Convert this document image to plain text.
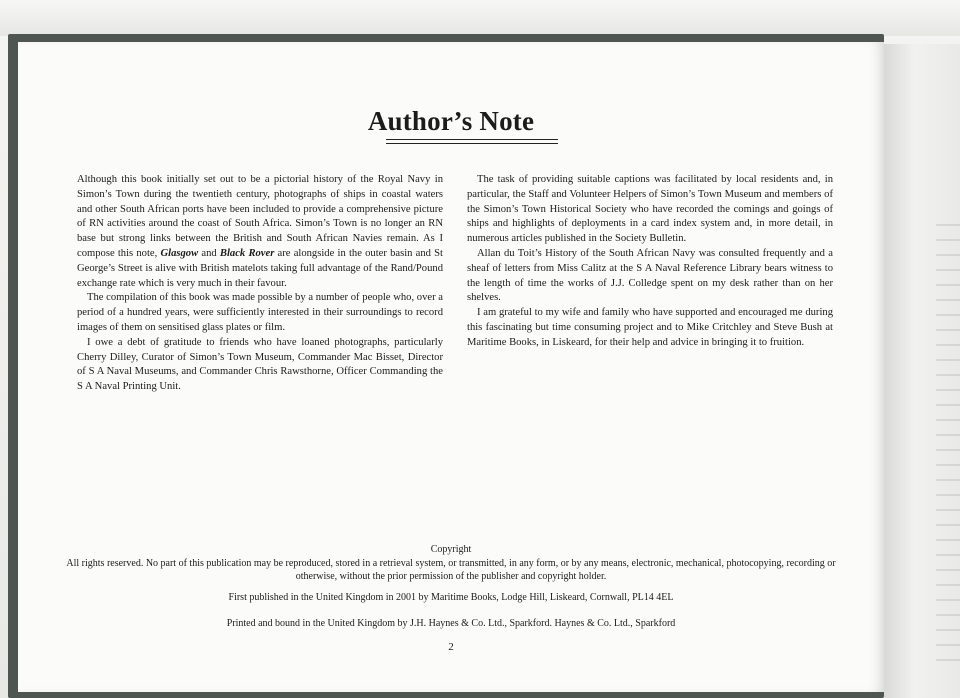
Author’s Note

Although this book initially set out to be a pictorial history of the Royal Navy in Simon’s Town during the twentieth century, photographs of ships in coastal waters and other South African ports have been included to provide a comprehensive picture of RN activities around the coast of South Africa. Simon’s Town is no longer an RN base but strong links between the British and South African Navies remain. As I compose this note, Glasgow and Black Rover are alongside in the outer basin and St George’s Street is alive with British matelots taking full advantage of the Rand/Pound exchange rate which is very much in their favour.

The compilation of this book was made possible by a number of people who, over a period of a hundred years, were sufficiently interested in their surroundings to record images of them on sensitised glass plates or film.

I owe a debt of gratitude to friends who have loaned photographs, particularly Cherry Dilley, Curator of Simon’s Town Museum, Commander Mac Bisset, Director of S A Naval Museums, and Commander Chris Rawsthorne, Officer Commanding the S A Naval Printing Unit.

The task of providing suitable captions was facilitated by local residents and, in particular, the Staff and Volunteer Helpers of Simon’s Town Museum and members of the Simon’s Town Historical Society who have recorded the comings and goings of ships and highlights of deployments in a card index system and, in more detail, in numerous articles published in the Society Bulletin.

Allan du Toit’s History of the South African Navy was consulted frequently and a sheaf of letters from Miss Calitz at the S A Naval Reference Library bears witness to the length of time the works of J.J. Colledge spent on my desk rather than on her shelves.

I am grateful to my wife and family who have supported and encouraged me during this fascinating but time consuming project and to Mike Critchley and Steve Bush at Maritime Books, in Liskeard, for their help and advice in bringing it to fruition.

Copyright
All rights reserved. No part of this publication may be reproduced, stored in a retrieval system, or transmitted, in any form, or by any means, electronic, mechanical, photocopying, recording or otherwise, without the prior permission of the publisher and copyright holder.
First published in the United Kingdom in 2001 by Maritime Books, Lodge Hill, Liskeard, Cornwall, PL14 4EL
Printed and bound in the United Kingdom by J.H. Haynes & Co. Ltd., Sparkford. Haynes & Co. Ltd., Sparkford
2
